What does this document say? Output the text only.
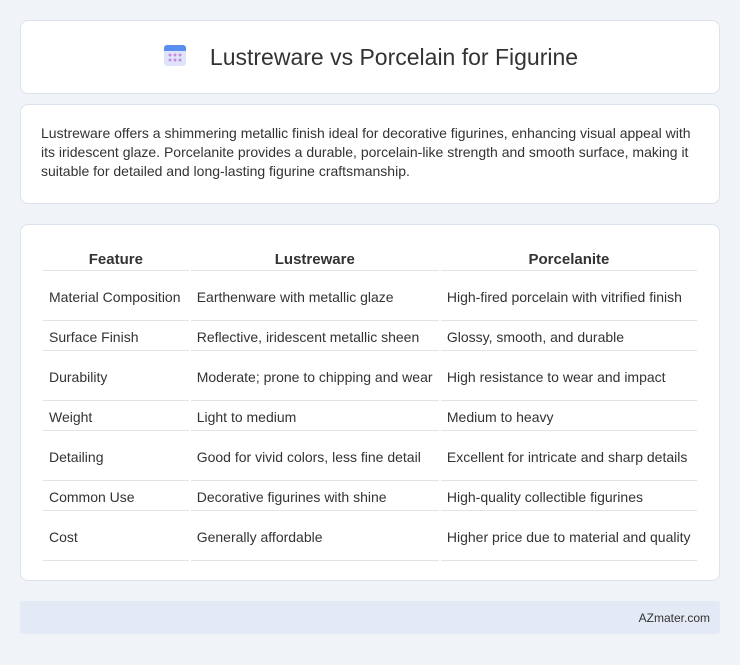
Lustreware vs Porcelain for Figurine

Lustreware offers a shimmering metallic finish ideal for decorative figurines, enhancing visual appeal with its iridescent glaze. Porcelanite provides a durable, porcelain-like strength and smooth surface, making it suitable for detailed and long-lasting figurine craftsmanship.

Feature	Lustreware	Porcelanite
Material Composition	Earthenware with metallic glaze	High-fired porcelain with vitrified finish
Surface Finish	Reflective, iridescent metallic sheen	Glossy, smooth, and durable
Durability	Moderate; prone to chipping and wear	High resistance to wear and impact
Weight	Light to medium	Medium to heavy
Detailing	Good for vivid colors, less fine detail	Excellent for intricate and sharp details
Common Use	Decorative figurines with shine	High-quality collectible figurines
Cost	Generally affordable	Higher price due to material and quality
AZmater.com
